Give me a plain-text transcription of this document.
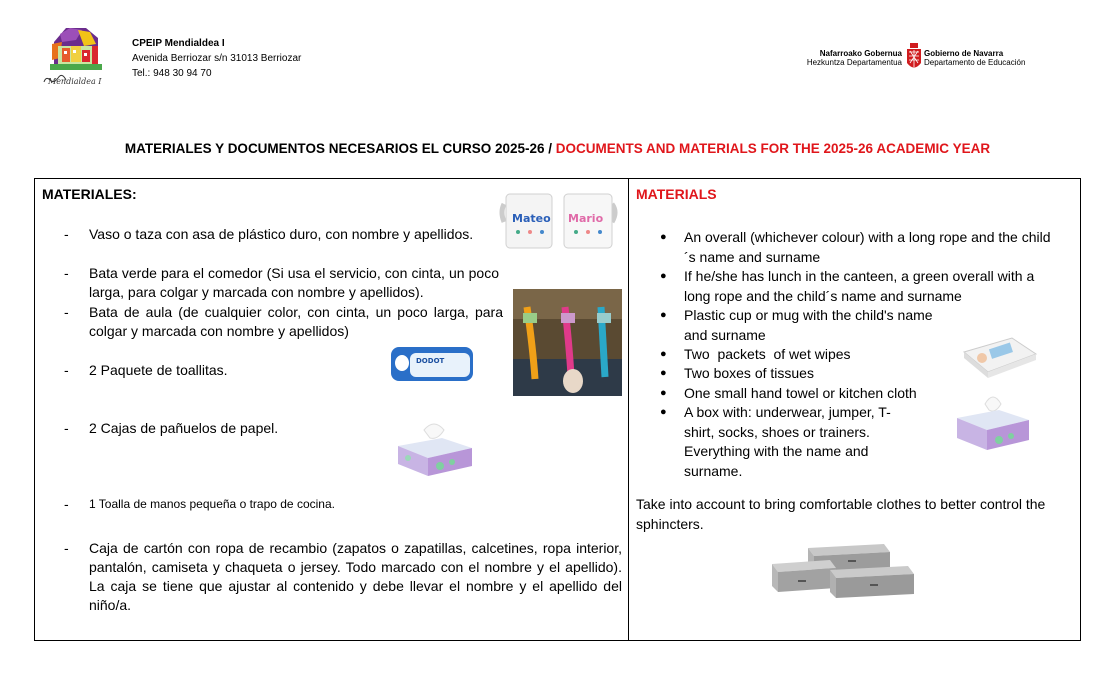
Mendialdea I
CPEIP Mendialdea I
Avenida Berriozar s/n 31013 Berriozar
Tel.: 948 30 94 70
Nafarroako Gobernua
Hezkuntza Departamentua
Gobierno de Navarra
Departamento de Educación
MATERIALES Y DOCUMENTOS NECESARIOS EL CURSO 2025-26 / DOCUMENTS AND MATERIALS FOR THE 2025-26 ACADEMIC YEAR
MATERIALES:
- Vaso o taza con asa de plástico duro, con nombre y apellidos.
- Bata verde para el comedor (Si usa el servicio, con cinta, un poco larga, para colgar y marcada con nombre y apellidos).
- Bata de aula (de cualquier color, con cinta, un poco larga, para colgar y marcada con nombre y apellidos)
- 2 Paquete de toallitas.
- 2 Cajas de pañuelos de papel.
- 1 Toalla de manos pequeña o trapo de cocina.
- Caja de cartón con ropa de recambio (zapatos o zapatillas, calcetines, ropa interior, pantalón, camiseta y chaqueta o jersey. Todo marcado con el nombre y el apellido). La caja se tiene que ajustar al contenido y debe llevar el nombre y el apellido del niño/a.
Mateo Mario
DODOT
MATERIALS
● An overall (whichever colour) with a long rope and the child´s name and surname
● If he/she has lunch in the canteen, a green overall with a long rope and the child´s name and surname
● Plastic cup or mug with the child's name and surname
● Two  packets  of wet wipes
● Two boxes of tissues
● One small hand towel or kitchen cloth
● A box with: underwear, jumper, T-shirt, socks, shoes or trainers. Everything with the name and surname.
Take into account to bring comfortable clothes to better control the sphincters.
